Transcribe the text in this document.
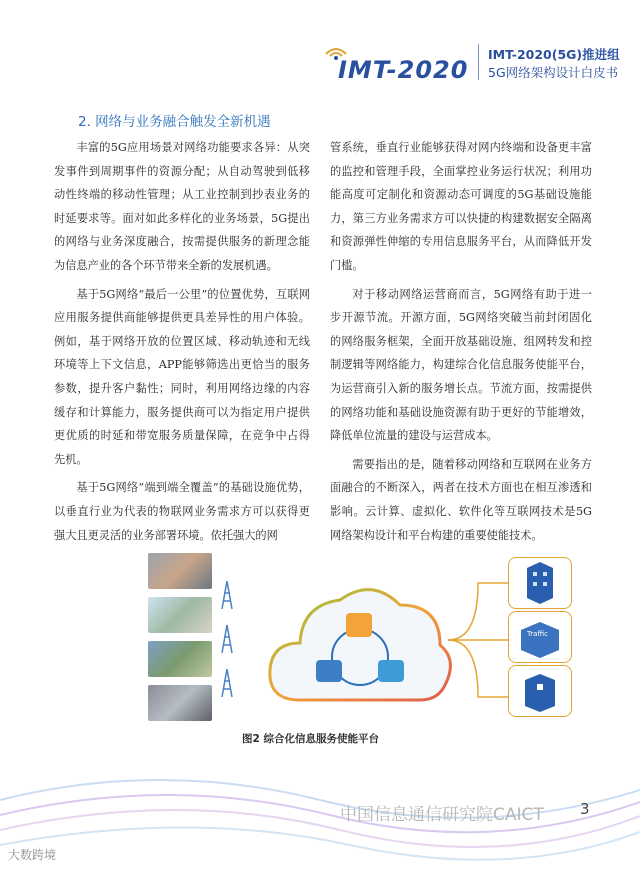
IMT-2020
IMT-2020(5G)推进组
5G网络架构设计白皮书
2. 网络与业务融合触发全新机遇

丰富的5G应用场景对网络功能要求各异：从突发事件到周期事件的资源分配；从自动驾驶到低移动性终端的移动性管理；从工业控制到抄表业务的时延要求等。面对如此多样化的业务场景，5G提出的网络与业务深度融合，按需提供服务的新理念能为信息产业的各个环节带来全新的发展机遇。

基于5G网络“最后一公里”的位置优势，互联网应用服务提供商能够提供更具差异性的用户体验。例如，基于网络开放的位置区域、移动轨迹和无线环境等上下文信息，APP能够筛选出更恰当的服务参数，提升客户黏性；同时，利用网络边缘的内容缓存和计算能力，服务提供商可以为指定用户提供更优质的时延和带宽服务质量保障，在竞争中占得先机。

基于5G网络“端到端全覆盖”的基础设施优势，以垂直行业为代表的物联网业务需求方可以获得更强大且更灵活的业务部署环境。依托强大的网

管系统，垂直行业能够获得对网内终端和设备更丰富的监控和管理手段，全面掌控业务运行状况；利用功能高度可定制化和资源动态可调度的5G基础设施能力，第三方业务需求方可以快捷的构建数据安全隔离和资源弹性伸缩的专用信息服务平台，从而降低开发门槛。

对于移动网络运营商而言，5G网络有助于进一步开源节流。开源方面，5G网络突破当前封闭固化的网络服务框架，全面开放基础设施、组网转发和控制逻辑等网络能力，构建综合化信息服务使能平台，为运营商引入新的服务增长点。节流方面，按需提供的网络功能和基础设施资源有助于更好的节能增效，降低单位流量的建设与运营成本。

需要指出的是，随着移动网络和互联网在业务方面融合的不断深入，两者在技术方面也在相互渗透和影响。云计算、虚拟化、软件化等互联网技术是5G网络架构设计和平台构建的重要使能技术。

Traffic
图2 综合化信息服务使能平台
大数跨境
中国信息通信研究院CAICT 3
